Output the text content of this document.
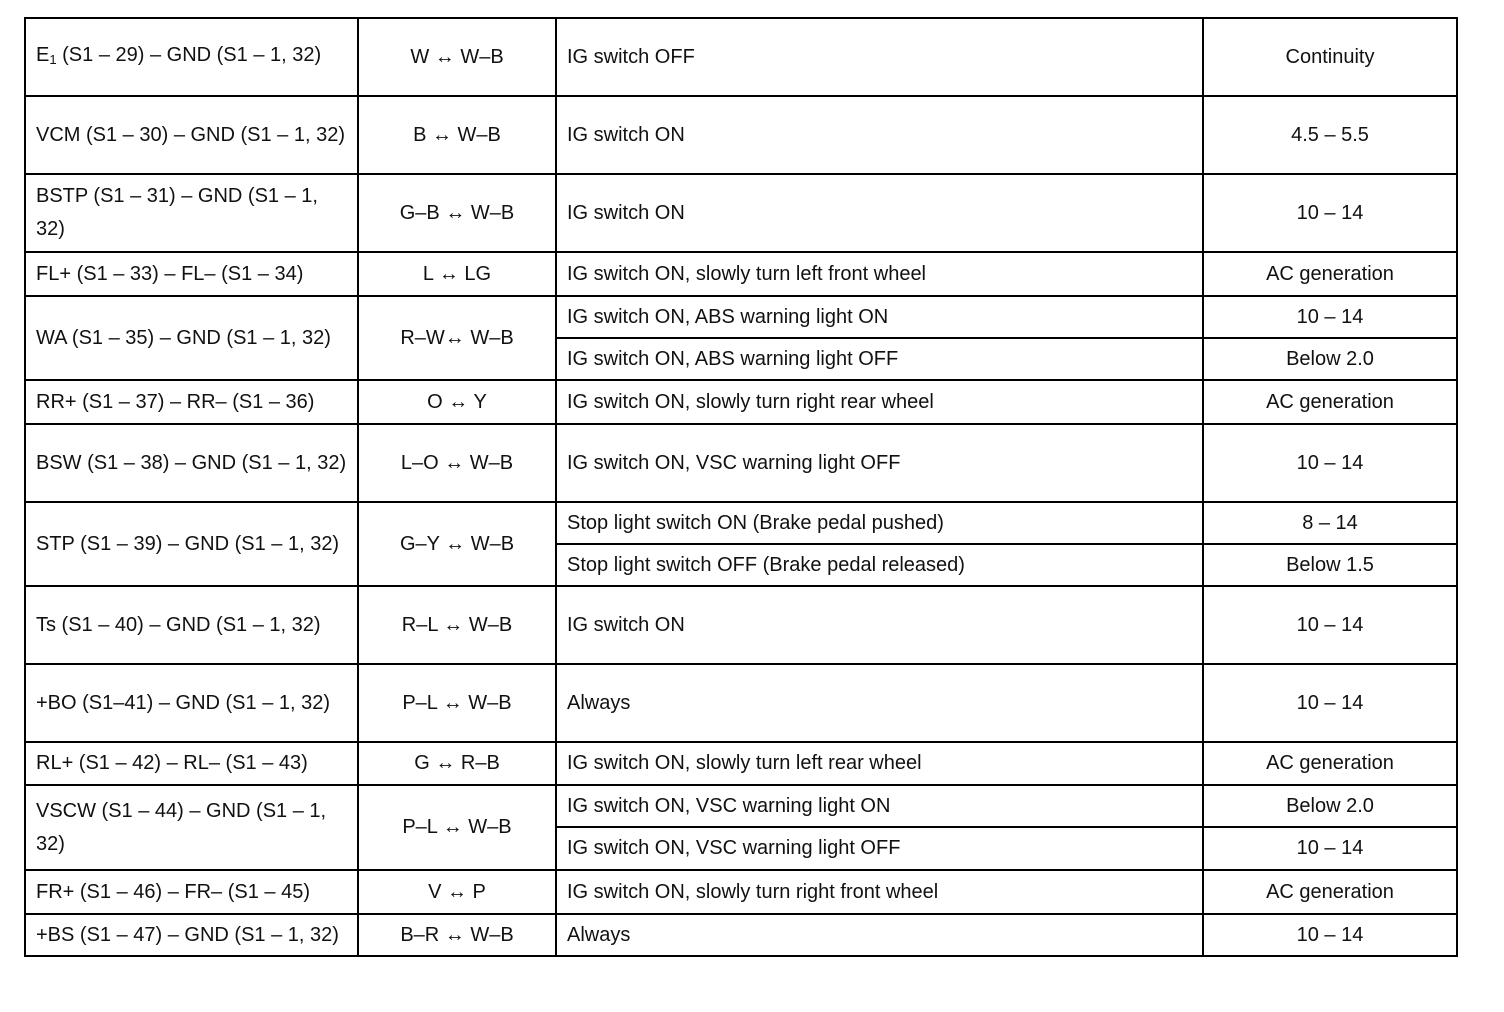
$E_1$ (S1 – 29) – GND (S1 – 1, 32)	W ↔ W–B	IG switch OFF	Continuity
VCM (S1 – 30) – GND (S1 – 1, 32)	B ↔ W–B	IG switch ON	4.5 – 5.5
BSTP (S1 – 31) – GND (S1 – 1, 32)	G–B ↔ W–B	IG switch ON	10 – 14
FL+ (S1 – 33) – FL– (S1 – 34)	L ↔ LG	IG switch ON, slowly turn left front wheel	AC generation
WA (S1 – 35) – GND (S1 – 1, 32)	R–W↔ W–B	IG switch ON, ABS warning light ON	10 – 14
		IG switch ON, ABS warning light OFF	Below 2.0
RR+ (S1 – 37) – RR– (S1 – 36)	O ↔ Y	IG switch ON, slowly turn right rear wheel	AC generation
BSW (S1 – 38) – GND (S1 – 1, 32)	L–O ↔ W–B	IG switch ON, VSC warning light OFF	10 – 14
STP (S1 – 39) – GND (S1 – 1, 32)	G–Y ↔ W–B	Stop light switch ON (Brake pedal pushed)	8 – 14
		Stop light switch OFF (Brake pedal released)	Below 1.5
Ts (S1 – 40) – GND (S1 – 1, 32)	R–L ↔ W–B	IG switch ON	10 – 14
+BO (S1–41) – GND (S1 – 1, 32)	P–L ↔ W–B	Always	10 – 14
RL+ (S1 – 42) – RL– (S1 – 43)	G ↔ R–B	IG switch ON, slowly turn left rear wheel	AC generation
VSCW (S1 – 44) – GND (S1 – 1, 32)	P–L ↔ W–B	IG switch ON, VSC warning light ON	Below 2.0
		IG switch ON, VSC warning light OFF	10 – 14
FR+ (S1 – 46) – FR– (S1 – 45)	V ↔ P	IG switch ON, slowly turn right front wheel	AC generation
+BS (S1 – 47) – GND (S1 – 1, 32)	B–R ↔ W–B	Always	10 – 14
